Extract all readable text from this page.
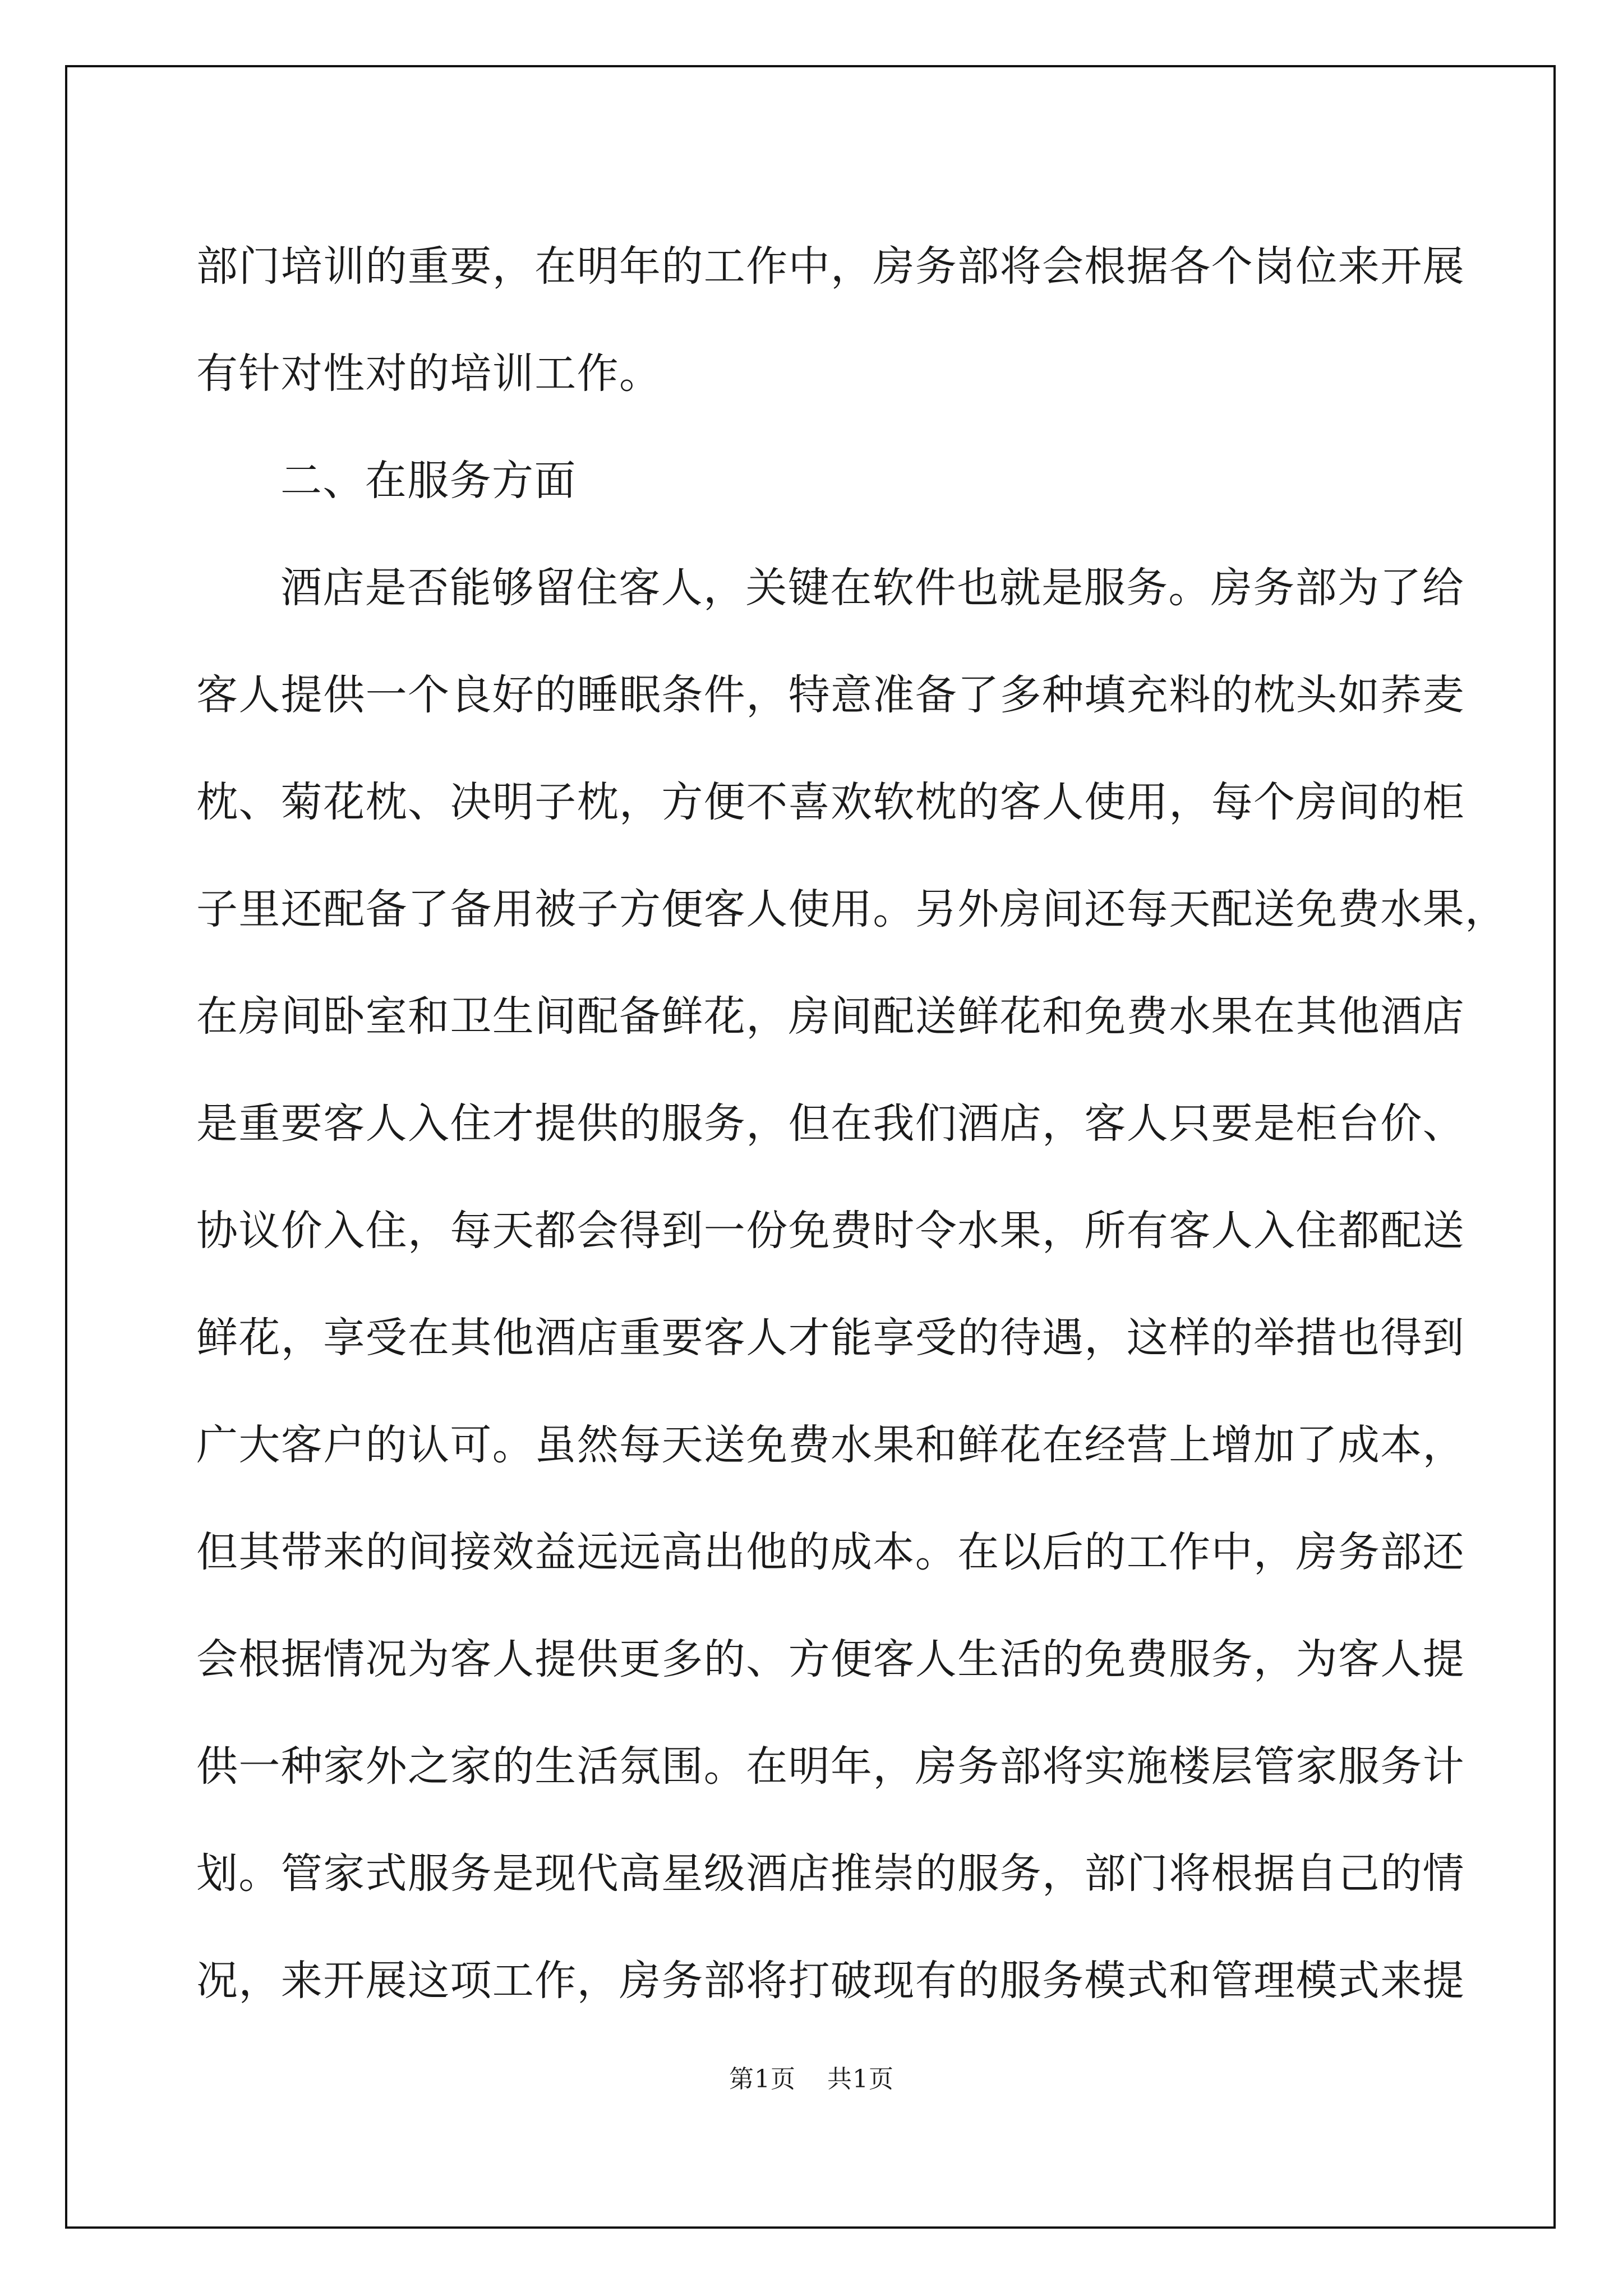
部门培训的重要，在明年的工作中，房务部将会根据各个岗位来开展
有针对性对的培训工作。
二、在服务方面
酒店是否能够留住客人，关键在软件也就是服务。房务部为了给
客人提供一个良好的睡眠条件，特意准备了多种填充料的枕头如荞麦
枕、菊花枕、决明子枕，方便不喜欢软枕的客人使用，每个房间的柜
子里还配备了备用被子方便客人使用。另外房间还每天配送免费水果，
在房间卧室和卫生间配备鲜花，房间配送鲜花和免费水果在其他酒店
是重要客人入住才提供的服务，但在我们酒店，客人只要是柜台价、
协议价入住，每天都会得到一份免费时令水果，所有客人入住都配送
鲜花，享受在其他酒店重要客人才能享受的待遇，这样的举措也得到
广大客户的认可。虽然每天送免费水果和鲜花在经营上增加了成本，
但其带来的间接效益远远高出他的成本。在以后的工作中，房务部还
会根据情况为客人提供更多的、方便客人生活的免费服务，为客人提
供一种家外之家的生活氛围。在明年，房务部将实施楼层管家服务计
划。管家式服务是现代高星级酒店推崇的服务，部门将根据自己的情
况，来开展这项工作，房务部将打破现有的服务模式和管理模式来提
第1页 共1页
